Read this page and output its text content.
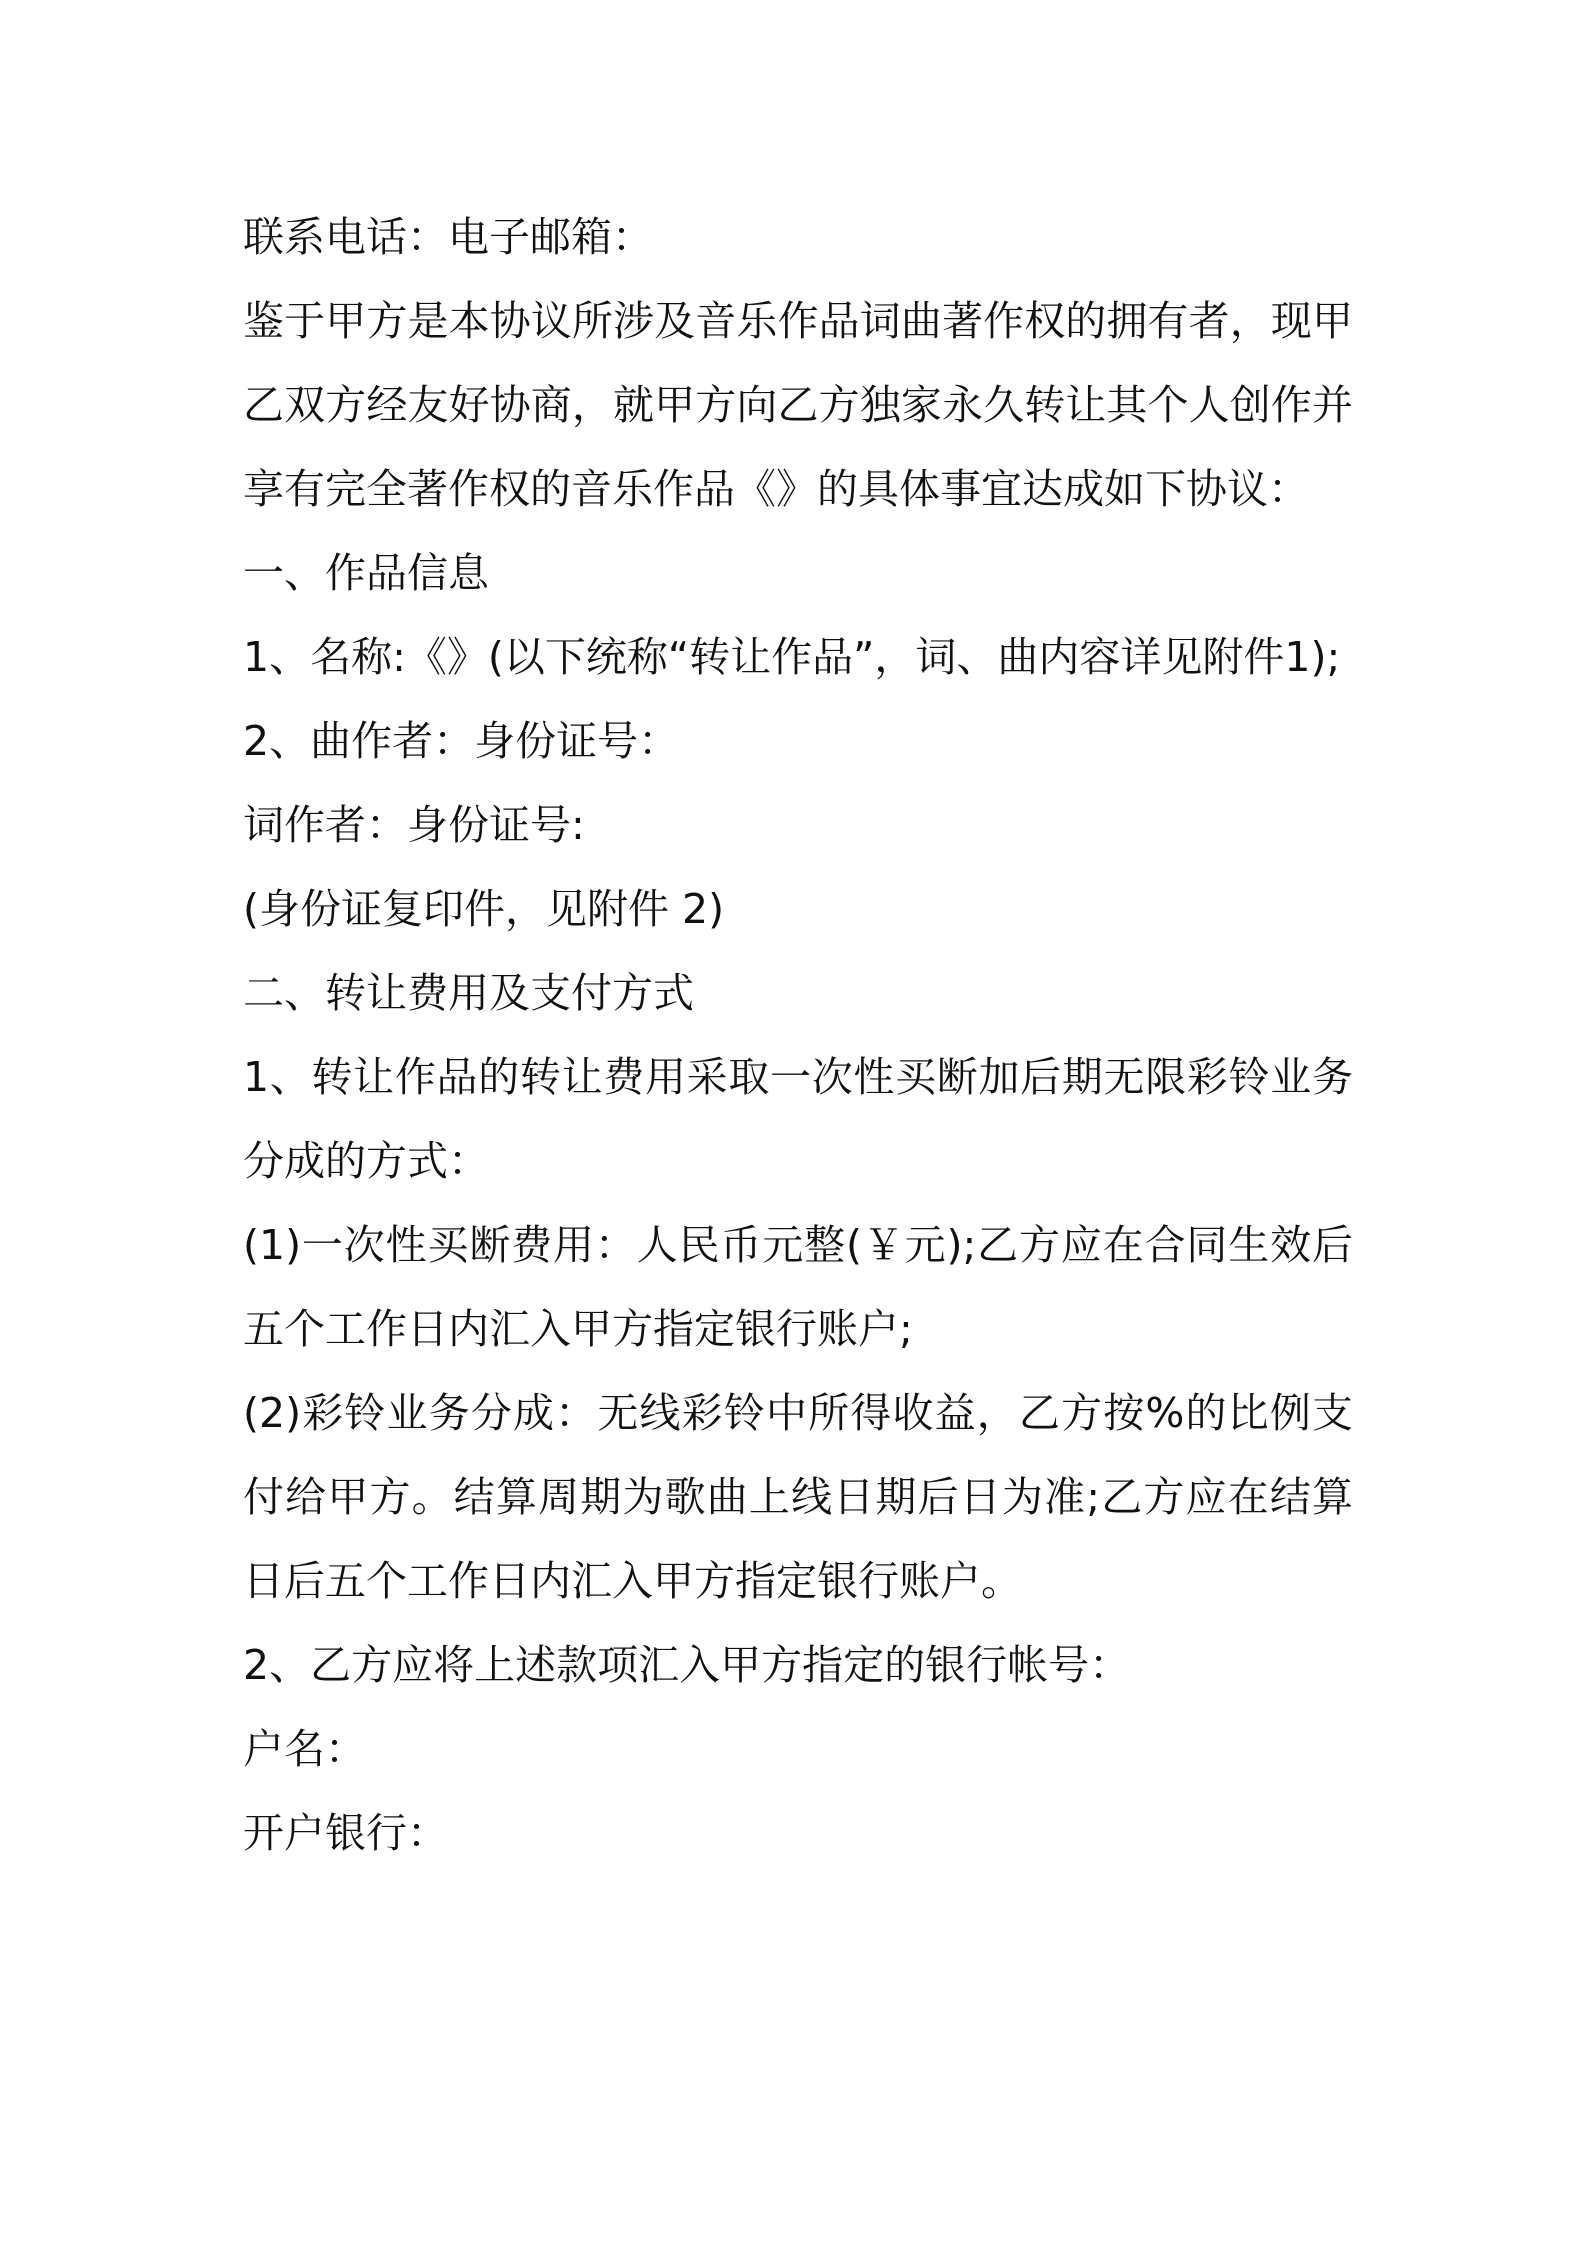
联系电话：电子邮箱：

鉴于甲方是本协议所涉及音乐作品词曲著作权的拥有者，现甲乙双方经友好协商，就甲方向乙方独家永久转让其个人创作并享有完全著作权的音乐作品《》的具体事宜达成如下协议：

一、作品信息

1、名称:《》(以下统称“转让作品”，词、曲内容详见附件1);

2、曲作者：身份证号：

词作者：身份证号:

(身份证复印件，见附件 2)

二、转让费用及支付方式

1、转让作品的转让费用采取一次性买断加后期无限彩铃业务分成的方式：

(1)一次性买断费用：人民币元整(￥元);乙方应在合同生效后五个工作日内汇入甲方指定银行账户;

(2)彩铃业务分成：无线彩铃中所得收益，乙方按%的比例支付给甲方。结算周期为歌曲上线日期后日为准;乙方应在结算日后五个工作日内汇入甲方指定银行账户。

2、乙方应将上述款项汇入甲方指定的银行帐号：

户名：

开户银行：
